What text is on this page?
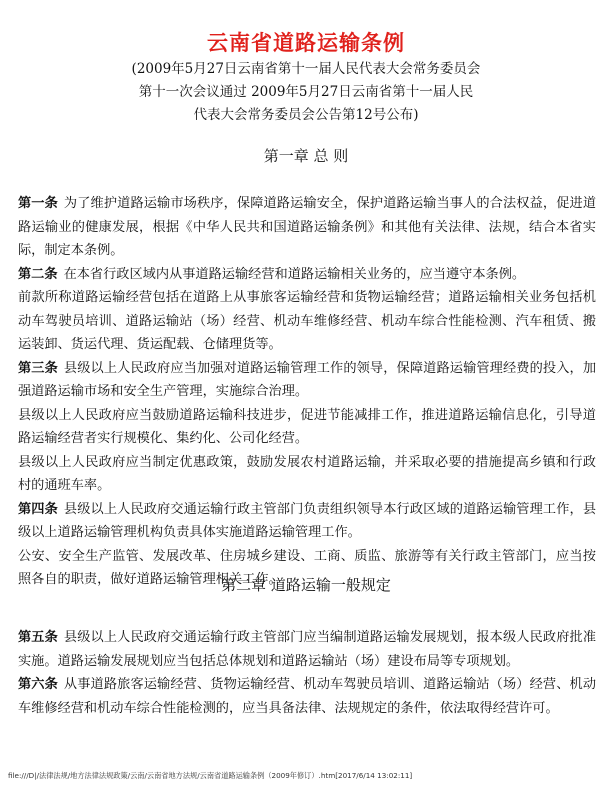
云南省道路运输条例
(2009年5月27日云南省第十一届人民代表大会常务委员会
第十一次会议通过 2009年5月27日云南省第十一届人民
代表大会常务委员会公告第12号公布)
第一章 总 则

第一条 为了维护道路运输市场秩序，保障道路运输安全，保护道路运输当事人的合法权益，促进道路运输业的健康发展，根据《中华人民共和国道路运输条例》和其他有关法律、法规，结合本省实际，制定本条例。

第二条 在本省行政区域内从事道路运输经营和道路运输相关业务的，应当遵守本条例。

前款所称道路运输经营包括在道路上从事旅客运输经营和货物运输经营；道路运输相关业务包括机动车驾驶员培训、道路运输站（场）经营、机动车维修经营、机动车综合性能检测、汽车租赁、搬运装卸、货运代理、货运配载、仓储理货等。

第三条 县级以上人民政府应当加强对道路运输管理工作的领导，保障道路运输管理经费的投入，加强道路运输市场和安全生产管理，实施综合治理。

县级以上人民政府应当鼓励道路运输科技进步，促进节能减排工作，推进道路运输信息化，引导道路运输经营者实行规模化、集约化、公司化经营。

县级以上人民政府应当制定优惠政策，鼓励发展农村道路运输，并采取必要的措施提高乡镇和行政村的通班车率。

第四条 县级以上人民政府交通运输行政主管部门负责组织领导本行政区域的道路运输管理工作，县级以上道路运输管理机构负责具体实施道路运输管理工作。

公安、安全生产监管、发展改革、住房城乡建设、工商、质监、旅游等有关行政主管部门，应当按照各自的职责，做好道路运输管理相关工作。

第二章 道路运输一般规定

第五条 县级以上人民政府交通运输行政主管部门应当编制道路运输发展规划，报本级人民政府批准实施。道路运输发展规划应当包括总体规划和道路运输站（场）建设布局等专项规划。

第六条 从事道路旅客运输经营、货物运输经营、机动车驾驶员培训、道路运输站（场）经营、机动车维修经营和机动车综合性能检测的，应当具备法律、法规规定的条件，依法取得经营许可。

file:///D|/法律法规/地方法律法规政策/云南/云南省地方法规/云南省道路运输条例（2009年修订）.htm[2017/6/14 13:02:11]
